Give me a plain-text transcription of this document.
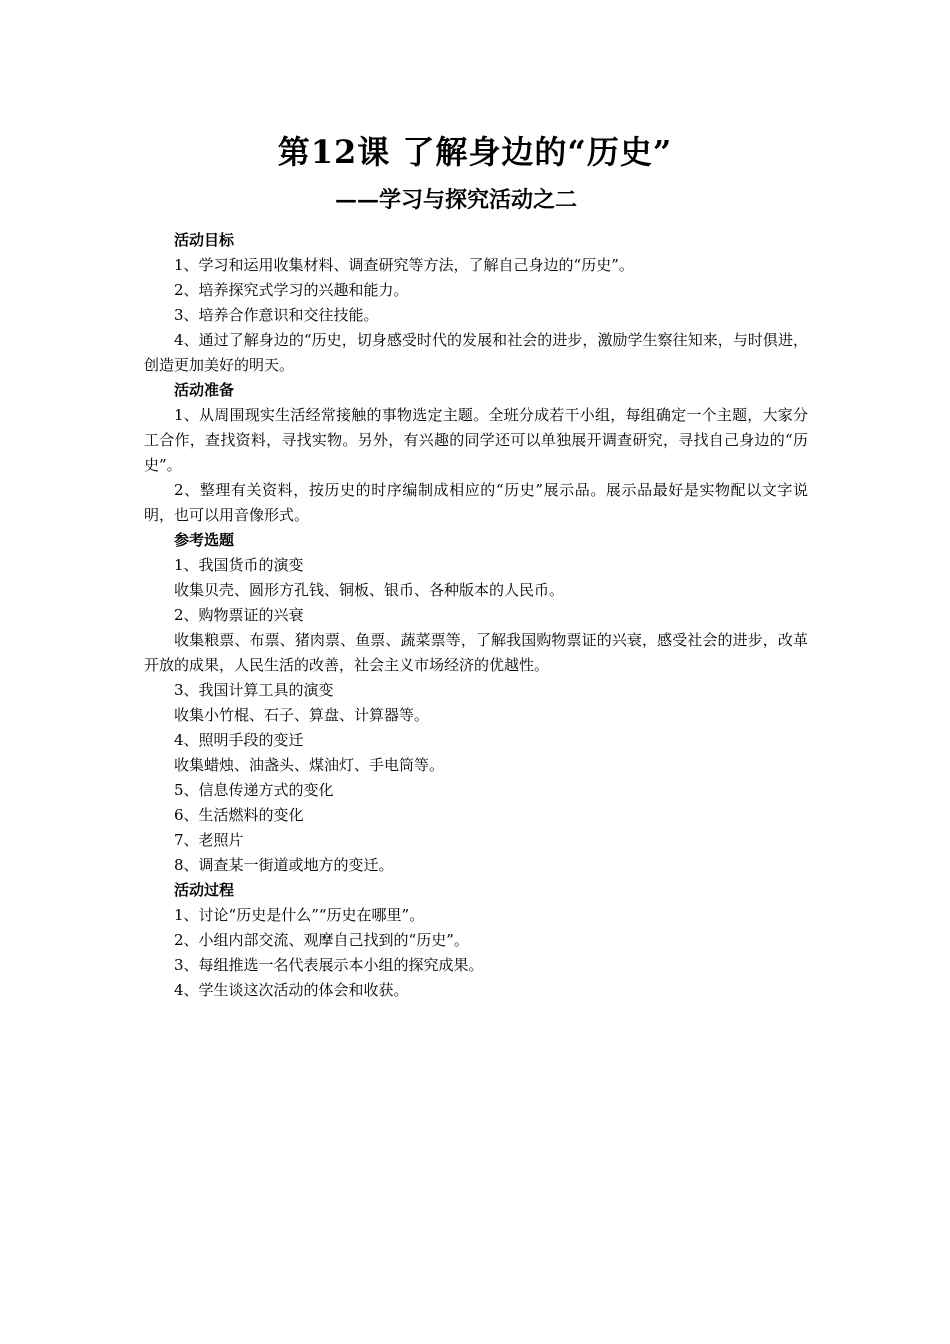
第12课 了解身边的“历史”
——学习与探究活动之二

活动目标

1、学习和运用收集材料、调查研究等方法，了解自己身边的“历史”。

2、培养探究式学习的兴趣和能力。

3、培养合作意识和交往技能。

4、通过了解身边的“历史，切身感受时代的发展和社会的进步，激励学生察往知来，与时俱进，创造更加美好的明天。

活动准备

1、从周围现实生活经常接触的事物选定主题。全班分成若干小组，每组确定一个主题，大家分工合作，查找资料，寻找实物。另外，有兴趣的同学还可以单独展开调查研究，寻找自己身边的“历史”。

2、整理有关资料，按历史的时序编制成相应的“历史”展示品。展示品最好是实物配以文字说明，也可以用音像形式。

参考选题

1、我国货币的演变

收集贝壳、圆形方孔钱、铜板、银币、各种版本的人民币。

2、购物票证的兴衰

收集粮票、布票、猪肉票、鱼票、蔬菜票等，了解我国购物票证的兴衰，感受社会的进步，改革开放的成果，人民生活的改善，社会主义市场经济的优越性。

3、我国计算工具的演变

收集小竹棍、石子、算盘、计算器等。

4、照明手段的变迁

收集蜡烛、油盏头、煤油灯、手电筒等。

5、信息传递方式的变化

6、生活燃料的变化

7、老照片

8、调查某一街道或地方的变迁。

活动过程

1、讨论“历史是什么”“历史在哪里”。

2、小组内部交流、观摩自己找到的“历史”。

3、每组推选一名代表展示本小组的探究成果。

4、学生谈这次活动的体会和收获。
